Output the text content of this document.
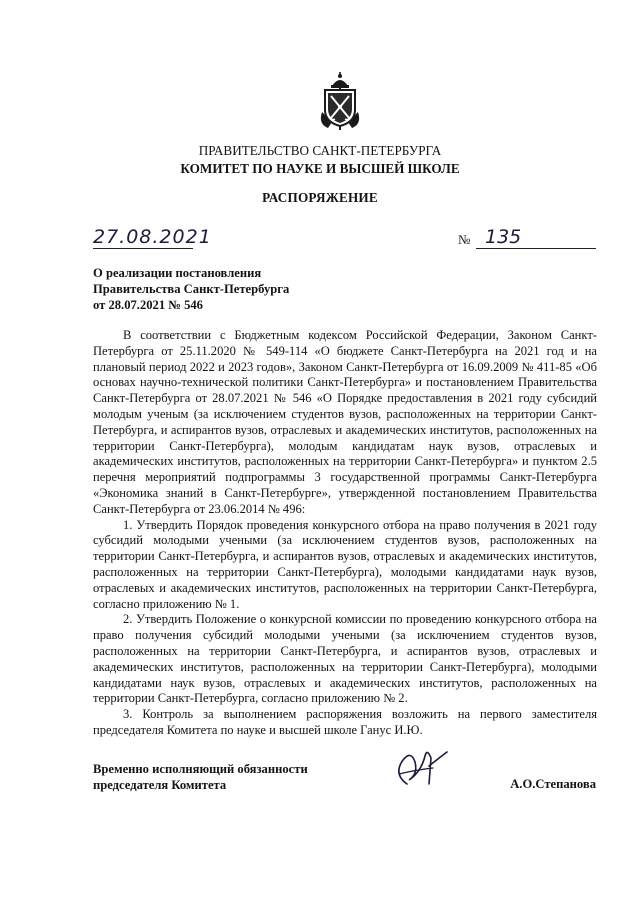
ПРАВИТЕЛЬСТВО САНКТ-ПЕТЕРБУРГА
КОМИТЕТ ПО НАУКЕ И ВЫСШЕЙ ШКОЛЕ
РАСПОРЯЖЕНИЕ
27.08.2021	№ 135
О реализации постановления
Правительства Санкт-Петербурга
от 28.07.2021 № 546

В соответствии с Бюджетным кодексом Российской Федерации, Законом Санкт-Петербурга от 25.11.2020 № 549-114 «О бюджете Санкт-Петербурга на 2021 год и на плановый период 2022 и 2023 годов», Законом Санкт-Петербурга от 16.09.2009 № 411-85 «Об основах научно-технической политики Санкт-Петербурга» и постановлением Правительства Санкт-Петербурга от 28.07.2021 № 546 «О Порядке предоставления в 2021 году субсидий молодым ученым (за исключением студентов вузов, расположенных на территории Санкт-Петербурга, и аспирантов вузов, отраслевых и академических институтов, расположенных на территории Санкт-Петербурга), молодым кандидатам наук вузов, отраслевых и академических институтов, расположенных на территории Санкт-Петербурга» и пунктом 2.5 перечня мероприятий подпрограммы 3 государственной программы Санкт-Петербурга «Экономика знаний в Санкт-Петербурге», утвержденной постановлением Правительства Санкт-Петербурга от 23.06.2014 № 496:

1. Утвердить Порядок проведения конкурсного отбора на право получения в 2021 году субсидий молодыми учеными (за исключением студентов вузов, расположенных на территории Санкт-Петербурга, и аспирантов вузов, отраслевых и академических институтов, расположенных на территории Санкт-Петербурга), молодыми кандидатами наук вузов, отраслевых и академических институтов, расположенных на территории Санкт-Петербурга, согласно приложению № 1.

2. Утвердить Положение о конкурсной комиссии по проведению конкурсного отбора на право получения субсидий молодыми учеными (за исключением студентов вузов, расположенных на территории Санкт-Петербурга, и аспирантов вузов, отраслевых и академических институтов, расположенных на территории Санкт-Петербурга), молодыми кандидатами наук вузов, отраслевых и академических институтов, расположенных на территории Санкт-Петербурга, согласно приложению № 2.

3. Контроль за выполнением распоряжения возложить на первого заместителя председателя Комитета по науке и высшей школе Ганус И.Ю.

Временно исполняющий обязанности
председателя Комитета	А.О.Степанова
